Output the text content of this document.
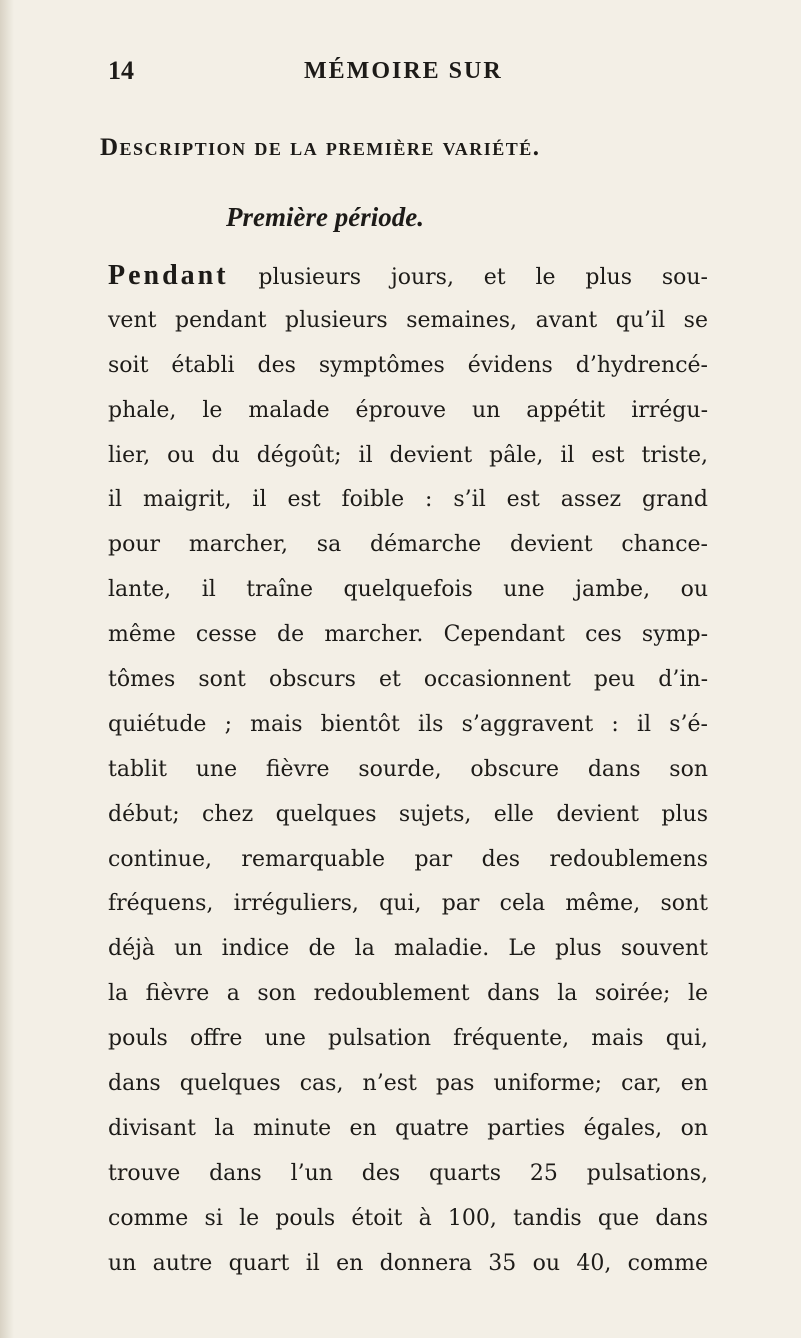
14	MÉMOIRE SUR
Description de la première variété.
Première période.
Pendant plusieurs jours, et le plus sou-
vent pendant plusieurs semaines, avant qu’il se
soit établi des symptômes évidens d’hydrencé-
phale, le malade éprouve un appétit irrégu-
lier, ou du dégoût; il devient pâle, il est triste,
il maigrit, il est foible : s’il est assez grand
pour marcher, sa démarche devient chance-
lante, il traîne quelquefois une jambe, ou
même cesse de marcher. Cependant ces symp-
tômes sont obscurs et occasionnent peu d’in-
quiétude ; mais bientôt ils s’aggravent : il s’é-
tablit une fièvre sourde, obscure dans son
début; chez quelques sujets, elle devient plus
continue, remarquable par des redoublemens
fréquens, irréguliers, qui, par cela même, sont
déjà un indice de la maladie. Le plus souvent
la fièvre a son redoublement dans la soirée; le
pouls offre une pulsation fréquente, mais qui,
dans quelques cas, n’est pas uniforme; car, en
divisant la minute en quatre parties égales, on
trouve dans l’un des quarts 25 pulsations,
comme si le pouls étoit à 100, tandis que dans
un autre quart il en donnera 35 ou 40, comme
